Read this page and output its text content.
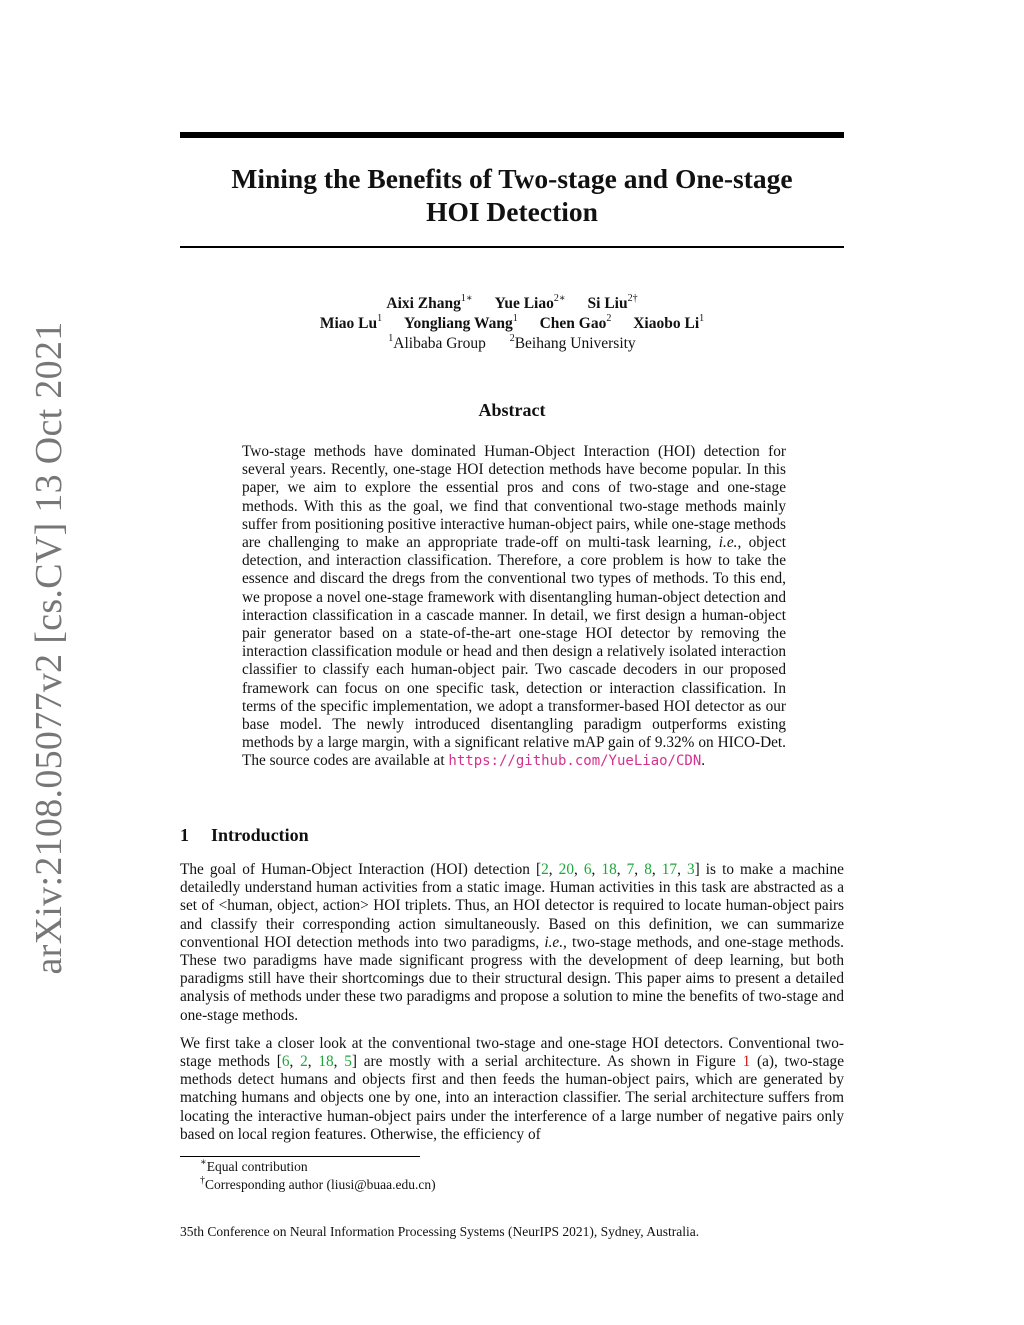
arXiv:2108.05077v2 [cs.CV] 13 Oct 2021
Mining the Benefits of Two-stage and One-stage
HOI Detection
Aixi Zhang$^{1∗}$ Yue Liao$^{2∗}$ Si Liu$^{2\dagger}$
Miao Lu$^1$ Yongliang Wang$^1$ Chen Gao$^2$ Xiaobo Li$^1$
$^1$Alibaba Group $^2$Beihang University
Abstract
Two-stage methods have dominated Human-Object Interaction (HOI) detection for several years. Recently, one-stage HOI detection methods have become popular. In this paper, we aim to explore the essential pros and cons of two-stage and one-stage methods. With this as the goal, we find that conventional two-stage methods mainly suffer from positioning positive interactive human-object pairs, while one-stage methods are challenging to make an appropriate trade-off on multi-task learning, i.e., object detection, and interaction classification. Therefore, a core problem is how to take the essence and discard the dregs from the conventional two types of methods. To this end, we propose a novel one-stage framework with disentangling human-object detection and interaction classification in a cascade manner. In detail, we first design a human-object pair generator based on a state-of-the-art one-stage HOI detector by removing the interaction classification module or head and then design a relatively isolated interaction classifier to classify each human-object pair. Two cascade decoders in our proposed framework can focus on one specific task, detection or interaction classification. In terms of the specific implementation, we adopt a transformer-based HOI detector as our base model. The newly introduced disentangling paradigm outperforms existing methods by a large margin, with a significant relative mAP gain of 9.32% on HICO-Det. The source codes are available at https://github.com/YueLiao/CDN.
1 Introduction

The goal of Human-Object Interaction (HOI) detection [2, 20, 6, 18, 7, 8, 17, 3] is to make a machine detailedly understand human activities from a static image. Human activities in this task are abstracted as a set of <human, object, action> HOI triplets. Thus, an HOI detector is required to locate human-object pairs and classify their corresponding action simultaneously. Based on this definition, we can summarize conventional HOI detection methods into two paradigms, i.e., two-stage methods, and one-stage methods. These two paradigms have made significant progress with the development of deep learning, but both paradigms still have their shortcomings due to their structural design. This paper aims to present a detailed analysis of methods under these two paradigms and propose a solution to mine the benefits of two-stage and one-stage methods.

We first take a closer look at the conventional two-stage and one-stage HOI detectors. Conventional two-stage methods [6, 2, 18, 5] are mostly with a serial architecture. As shown in Figure 1 (a), two-stage methods detect humans and objects first and then feeds the human-object pairs, which are generated by matching humans and objects one by one, into an interaction classifier. The serial architecture suffers from locating the interactive human-object pairs under the interference of a large number of negative pairs only based on local region features. Otherwise, the efficiency of

∗Equal contribution
†Corresponding author (liusi@buaa.edu.cn)
35th Conference on Neural Information Processing Systems (NeurIPS 2021), Sydney, Australia.
